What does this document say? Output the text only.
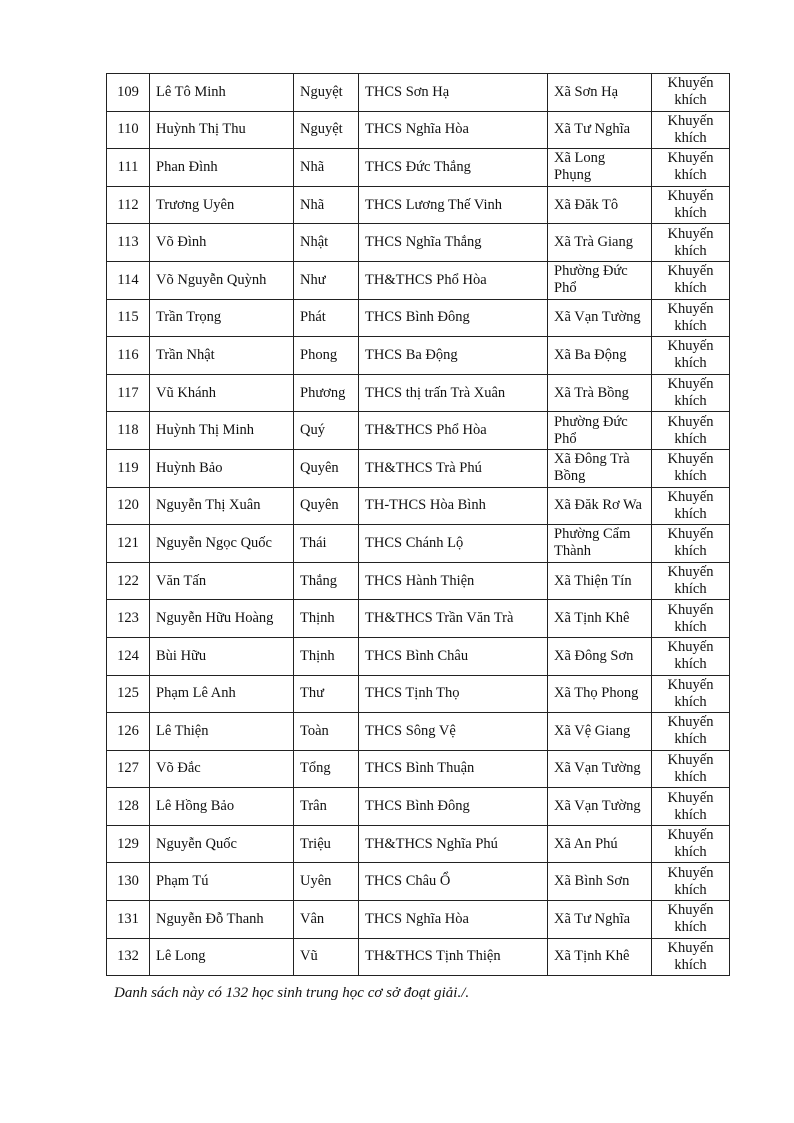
109	Lê Tô Minh	Nguyệt	THCS Sơn Hạ	Xã Sơn Hạ	Khuyến khích
110	Huỳnh Thị Thu	Nguyệt	THCS Nghĩa Hòa	Xã Tư Nghĩa	Khuyến khích
111	Phan Đình	Nhã	THCS Đức Thắng	Xã Long Phụng	Khuyến khích
112	Trương Uyên	Nhã	THCS Lương Thế Vinh	Xã Đăk Tô	Khuyến khích
113	Võ Đình	Nhật	THCS Nghĩa Thắng	Xã Trà Giang	Khuyến khích
114	Võ Nguyễn Quỳnh	Như	TH&THCS Phổ Hòa	Phường Đức Phổ	Khuyến khích
115	Trần Trọng	Phát	THCS Bình Đông	Xã Vạn Tường	Khuyến khích
116	Trần Nhật	Phong	THCS Ba Động	Xã Ba Động	Khuyến khích
117	Vũ Khánh	Phương	THCS thị trấn Trà Xuân	Xã Trà Bồng	Khuyến khích
118	Huỳnh Thị Minh	Quý	TH&THCS Phổ Hòa	Phường Đức Phổ	Khuyến khích
119	Huỳnh Bảo	Quyên	TH&THCS Trà Phú	Xã Đông Trà Bồng	Khuyến khích
120	Nguyễn Thị Xuân	Quyên	TH-THCS Hòa Bình	Xã Đăk Rơ Wa	Khuyến khích
121	Nguyễn Ngọc Quốc	Thái	THCS Chánh Lộ	Phường Cẩm Thành	Khuyến khích
122	Văn Tấn	Thắng	THCS Hành Thiện	Xã Thiện Tín	Khuyến khích
123	Nguyễn Hữu Hoàng	Thịnh	TH&THCS Trần Văn Trà	Xã Tịnh Khê	Khuyến khích
124	Bùi Hữu	Thịnh	THCS Bình Châu	Xã Đông Sơn	Khuyến khích
125	Phạm Lê Anh	Thư	THCS Tịnh Thọ	Xã Thọ Phong	Khuyến khích
126	Lê Thiện	Toàn	THCS Sông Vệ	Xã Vệ Giang	Khuyến khích
127	Võ Đắc	Tổng	THCS Bình Thuận	Xã Vạn Tường	Khuyến khích
128	Lê Hồng Bảo	Trân	THCS Bình Đông	Xã Vạn Tường	Khuyến khích
129	Nguyễn Quốc	Triệu	TH&THCS Nghĩa Phú	Xã An Phú	Khuyến khích
130	Phạm Tú	Uyên	THCS Châu Ổ	Xã Bình Sơn	Khuyến khích
131	Nguyễn Đỗ Thanh	Vân	THCS Nghĩa Hòa	Xã Tư Nghĩa	Khuyến khích
132	Lê Long	Vũ	TH&THCS Tịnh Thiện	Xã Tịnh Khê	Khuyến khích
Danh sách này có 132 học sinh trung học cơ sở đoạt giải./.
